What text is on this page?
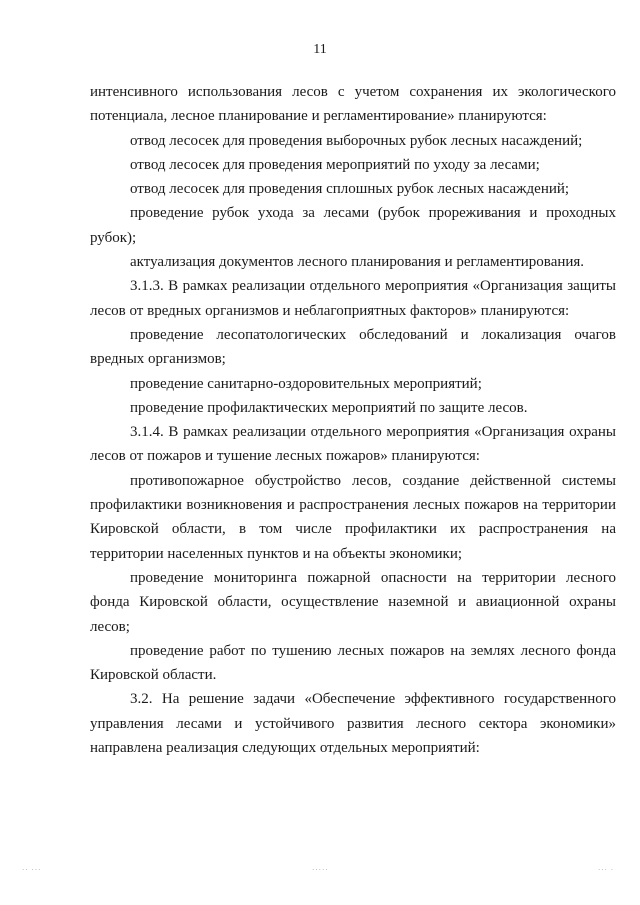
11

интенсивного использования лесов с учетом сохранения их экологического потенциала, лесное планирование и регламентирование» планируются:

отвод лесосек для проведения выборочных рубок лесных насаждений;

отвод лесосек для проведения мероприятий по уходу за лесами;

отвод лесосек для проведения сплошных рубок лесных насаждений;

проведение рубок ухода за лесами (рубок прореживания и проходных рубок);

актуализация документов лесного планирования и регламентирования.

3.1.3. В рамках реализации отдельного мероприятия «Организация защиты лесов от вредных организмов и неблагоприятных факторов» планируются:

проведение лесопатологических обследований и локализация очагов вредных организмов;

проведение санитарно-оздоровительных мероприятий;

проведение профилактических мероприятий по защите лесов.

3.1.4. В рамках реализации отдельного мероприятия «Организация охраны лесов от пожаров и тушение лесных пожаров» планируются:

противопожарное обустройство лесов, создание действенной системы профилактики возникновения и распространения лесных пожаров на территории Кировской области, в том числе профилактики их распространения на территории населенных пунктов и на объекты экономики;

проведение мониторинга пожарной опасности на территории лесного фонда Кировской области, осуществление наземной и авиационной охраны лесов;

проведение работ по тушению лесных пожаров на землях лесного фонда Кировской области.

3.2. На решение задачи «Обеспечение эффективного государственного управления лесами и устойчивого развития лесного сектора экономики» направлена реализация следующих отдельных мероприятий:

·· ···	·····	··· ·
